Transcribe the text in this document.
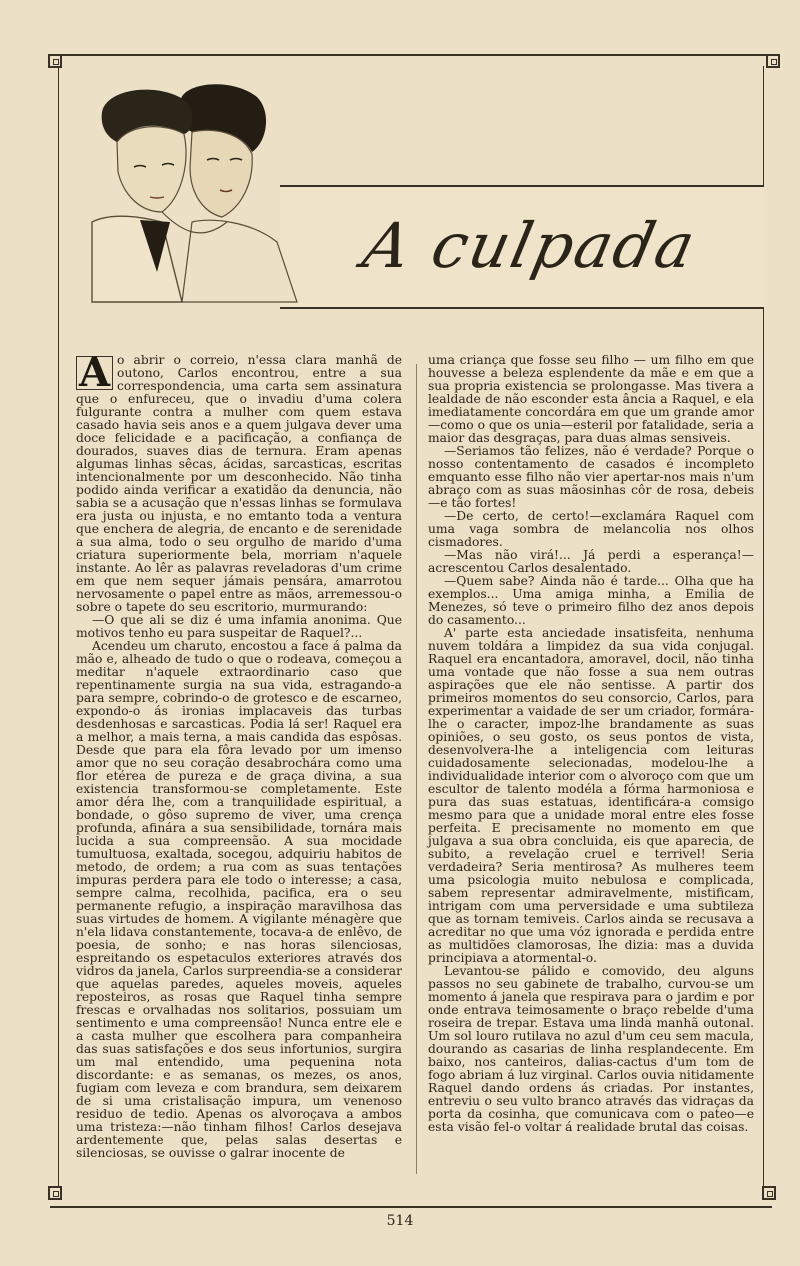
A culpada

A o abrir o correio, n'essa clara manhã de outono, Carlos encontrou, entre a sua correspondencia, uma carta sem assinatura que o enfureceu, que o invadiu d'uma colera fulgurante contra a mulher com quem estava casado havia seis anos e a quem julgava dever uma doce felicidade e a pacificação, a confiança de dourados, suaves dias de ternura. Eram apenas algumas linhas sêcas, ácidas, sarcasticas, escritas intencionalmente por um desconhecido. Não tinha podido ainda verificar a exatidão da denuncia, não sabia se a acusação que n'essas linhas se formulava era justa ou injusta, e no emtanto toda a ventura que enchera de alegria, de encanto e de serenidade a sua alma, todo o seu orgulho de marido d'uma criatura superiormente bela, morriam n'aquele instante. Ao lêr as palavras reveladoras d'um crime em que nem sequer jámais pensára, amarrotou nervosamente o papel entre as mãos, arremessou-o sobre o tapete do seu escritorio, murmurando:

—O que ali se diz é uma infamia anonima. Que motivos tenho eu para suspeitar de Raquel?...

Acendeu um charuto, encostou a face á palma da mão e, alheado de tudo o que o rodeava, começou a meditar n'aquele extraordinario caso que repentinamente surgia na sua vida, estragando-a para sempre, cobrindo-o de grotesco e de escarneo, expondo-o ás ironias implacaveis das turbas desdenhosas e sarcasticas. Podia lá ser! Raquel era a melhor, a mais terna, a mais candida das espôsas. Desde que para ela fôra levado por um imenso amor que no seu coração desabrochára como uma flor etérea de pureza e de graça divina, a sua existencia transformou-se completamente. Este amor déra lhe, com a tranquilidade espiritual, a bondade, o gôso supremo de viver, uma crença profunda, afinára a sua sensibilidade, tornára mais lucida a sua compreensão. A sua mocidade tumultuosa, exaltada, socegou, adquiriu habitos de metodo, de ordem; a rua com as suas tentações impuras perdera para ele todo o interesse; a casa, sempre calma, recolhida, pacifica, era o seu permanente refugio, a inspiração maravilhosa das suas virtudes de homem. A vigilante ménagère que n'ela lidava constantemente, tocava-a de enlêvo, de poesia, de sonho; e nas horas silenciosas, espreitando os espetaculos exteriores através dos vidros da janela, Carlos surpreendia-se a considerar que aquelas paredes, aqueles moveis, aqueles reposteiros, as rosas que Raquel tinha sempre frescas e orvalhadas nos solitarios, possuiam um sentimento e uma compreensão! Nunca entre ele e a casta mulher que escolhera para companheira das suas satisfações e dos seus infortunios, surgira um mal entendido, uma pequenina nota discordante: e as semanas, os mezes, os anos, fugiam com leveza e com brandura, sem deixarem de si uma cristalisação impura, um venenoso residuo de tedio. Apenas os alvoroçava a ambos uma tristeza:—não tinham filhos! Carlos desejava ardentemente que, pelas salas desertas e silenciosas, se ouvisse o galrar inocente de

uma criança que fosse seu filho — um filho em que houvesse a beleza esplendente da mãe e em que a sua propria existencia se prolongasse. Mas tivera a lealdade de não esconder esta ância a Raquel, e ela imediatamente concordára em que um grande amor —como o que os unia—esteril por fatalidade, seria a maior das desgraças, para duas almas sensiveis.

—Seriamos tão felizes, não é verdade? Porque o nosso contentamento de casados é incompleto emquanto esse filho não vier apertar-nos mais n'um abraço com as suas mãosinhas côr de rosa, debeis —e tão fortes!

—De certo, de certo!—exclamára Raquel com uma vaga sombra de melancolia nos olhos cismadores.

—Mas não virá!... Já perdi a esperança!—acrescentou Carlos desalentado.

—Quem sabe? Ainda não é tarde... Olha que ha exemplos... Uma amiga minha, a Emilia de Menezes, só teve o primeiro filho dez anos depois do casamento...

A' parte esta anciedade insatisfeita, nenhuma nuvem toldára a limpidez da sua vida conjugal. Raquel era encantadora, amoravel, docil, não tinha uma vontade que não fosse a sua nem outras aspirações que ele não sentisse. A partir dos primeiros momentos do seu consorcio, Carlos, para experimentar a vaidade de ser um criador, formára-lhe o caracter, impoz-lhe brandamente as suas opiniões, o seu gosto, os seus pontos de vista, desenvolvera-lhe a inteligencia com leituras cuidadosamente selecionadas, modelou-lhe a individualidade interior com o alvoroço com que um escultor de talento modéla a fórma harmoniosa e pura das suas estatuas, identificára-a comsigo mesmo para que a unidade moral entre eles fosse perfeita. E precisamente no momento em que julgava a sua obra concluida, eis que aparecia, de subito, a revelação cruel e terrivel! Seria verdadeira? Seria mentirosa? As mulheres teem uma psicologia muito nebulosa e complicada, sabem representar admiravelmente, mistificam, intrigam com uma perversidade e uma subtileza que as tornam temiveis. Carlos ainda se recusava a acreditar no que uma vóz ignorada e perdida entre as multidões clamorosas, lhe dizia: mas a duvida principiava a atormental-o.

Levantou-se pálido e comovido, deu alguns passos no seu gabinete de trabalho, curvou-se um momento á janela que respirava para o jardim e por onde entrava teimosamente o braço rebelde d'uma roseira de trepar. Estava uma linda manhã outonal. Um sol louro rutilava no azul d'um ceu sem macula, dourando as casarias de linha resplandecente. Em baixo, nos canteiros, dalias-cactus d'um tom de fogo abriam á luz virginal. Carlos ouvia nitidamente Raquel dando ordens ás criadas. Por instantes, entreviu o seu vulto branco através das vidraças da porta da cosinha, que comunicava com o pateo—e esta visão fel-o voltar á realidade brutal das coisas.

514
